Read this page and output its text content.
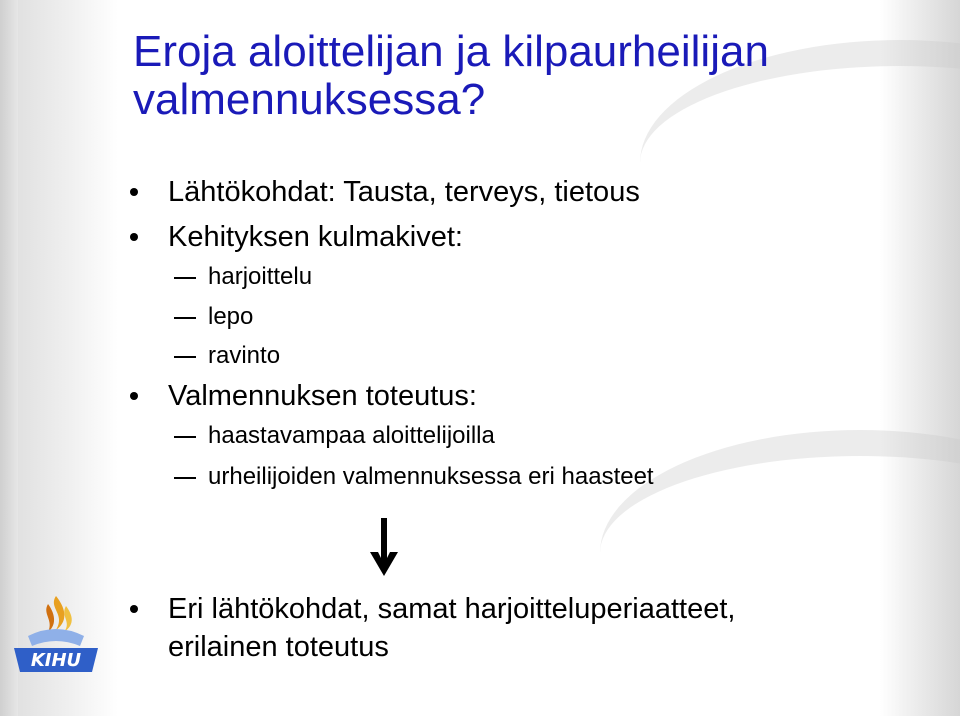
Eroja aloittelijan ja kilpaurheilijan valmennuksessa?
Lähtökohdat: Tausta, terveys, tietous
Kehityksen kulmakivet:
harjoittelu
lepo
ravinto
Valmennuksen toteutus:
haastavampaa aloittelijoilla
urheilijoiden valmennuksessa eri haasteet
Eri lähtökohdat, samat harjoitteluperiaatteet,
erilainen toteutus
KIHU
